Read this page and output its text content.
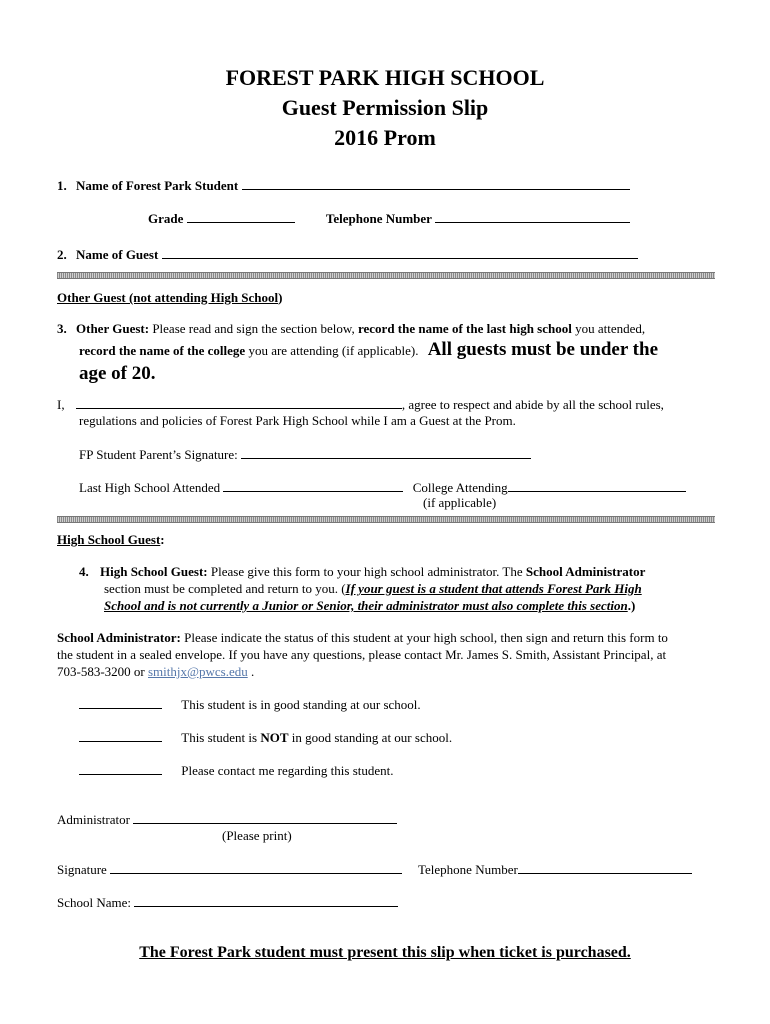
FOREST PARK HIGH SCHOOL
Guest Permission Slip
2016 Prom
1. Name of Forest Park Student
Grade	Telephone Number
2. Name of Guest
Other Guest (not attending High School)
3. Other Guest: Please read and sign the section below, record the name of the last high school you attended,
record the name of the college you are attending (if applicable). All guests must be under the
age of 20.
I,	, agree to respect and abide by all the school rules,
regulations and policies of Forest Park High School while I am a Guest at the Prom.
FP Student Parent’s Signature:
Last High School Attended	College Attending
(if applicable)
High School Guest:
4. High School Guest: Please give this form to your high school administrator. The School Administrator
section must be completed and return to you. (If your guest is a student that attends Forest Park High
School and is not currently a Junior or Senior, their administrator must also complete this section.)
School Administrator: Please indicate the status of this student at your high school, then sign and return this form to
the student in a sealed envelope. If you have any questions, please contact Mr. James S. Smith, Assistant Principal, at
703-583-3200 or smithjx@pwcs.edu .
This student is in good standing at our school.
This student is NOT in good standing at our school.
Please contact me regarding this student.
Administrator
(Please print)
Signature	Telephone Number
School Name:
The Forest Park student must present this slip when ticket is purchased.
